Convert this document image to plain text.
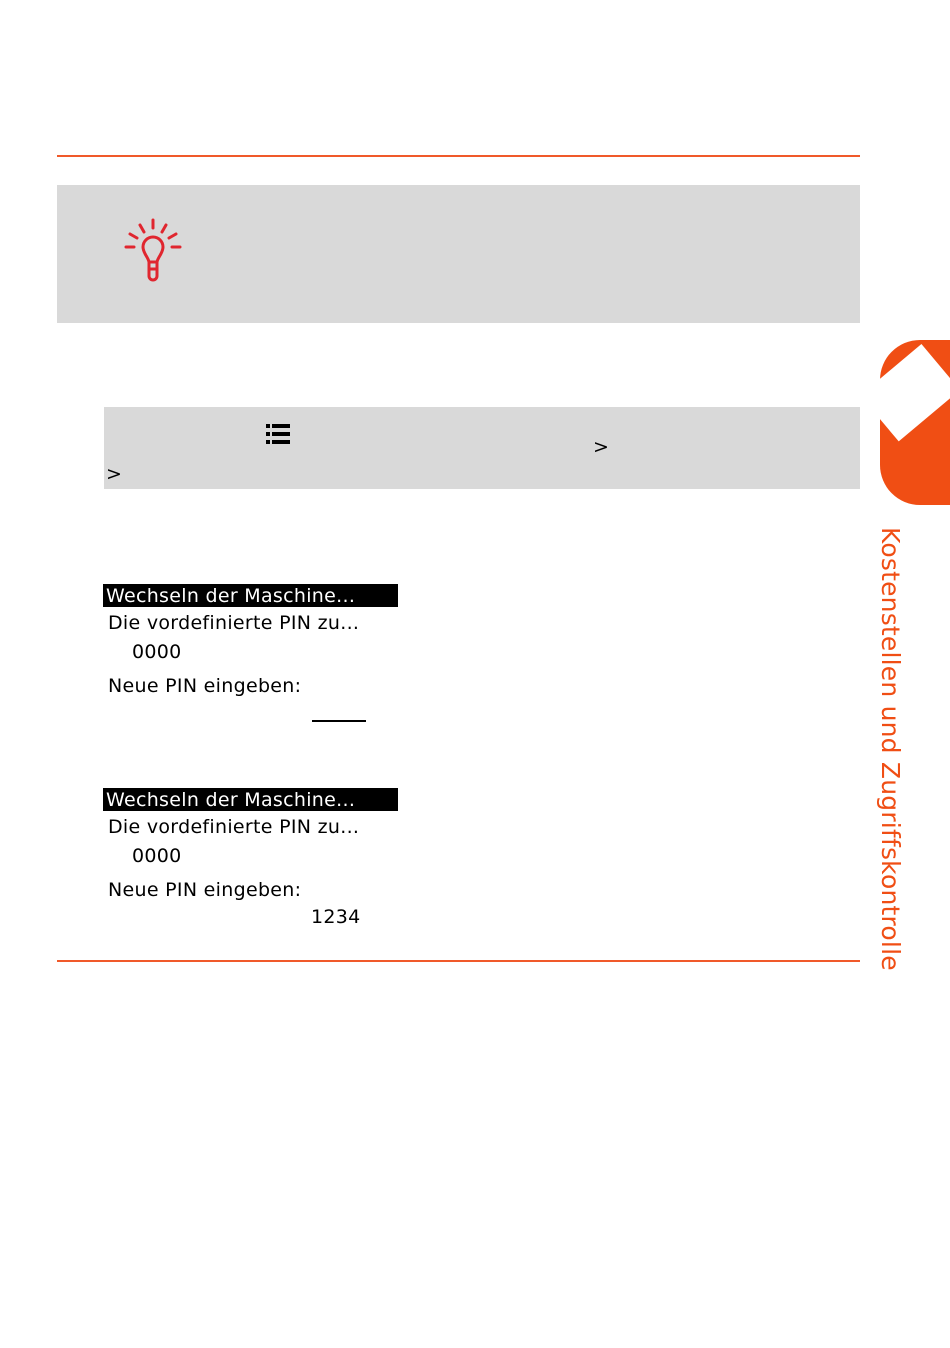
>
>
Wechseln der Maschine...
Die vordefinierte PIN zu...
0000
Neue PIN eingeben:
Wechseln der Maschine...
Die vordefinierte PIN zu...
0000
Neue PIN eingeben:
1234	Kostenstellen und Zugriffskontrolle
